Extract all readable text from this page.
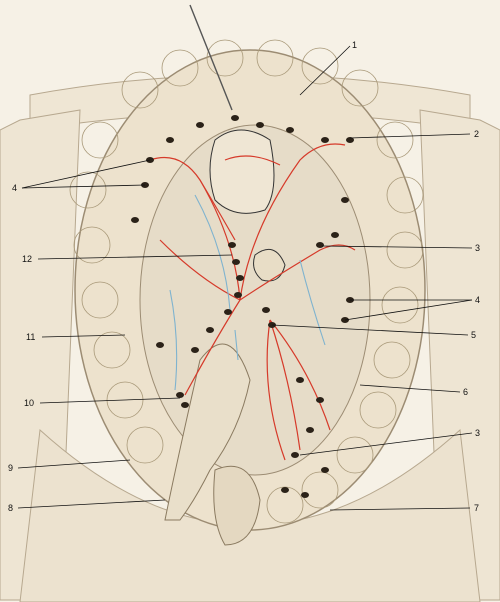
1
2
3
3
4
4
5
6
7
8
9
10
11
12
